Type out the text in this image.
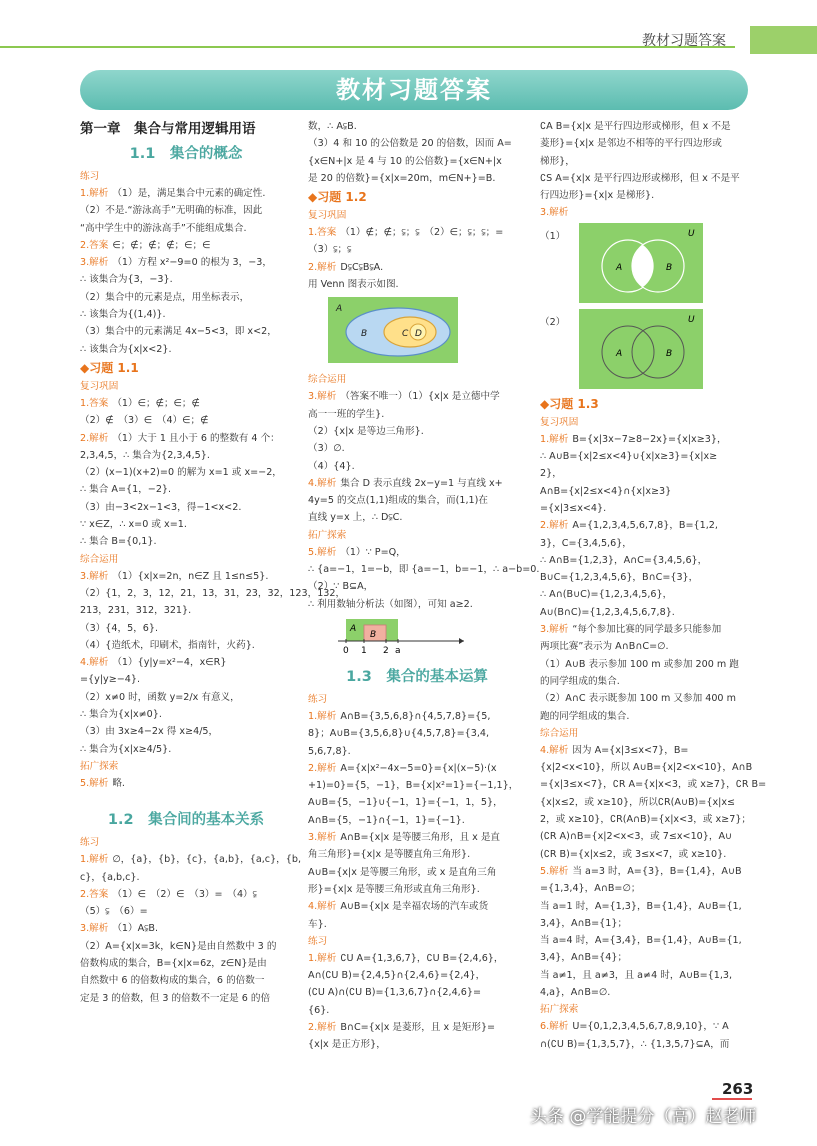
教材习题答案
教材习题答案
第一章　集合与常用逻辑用语
1.1　集合的概念
练习
1.解析 （1）是，满足集合中元素的确定性.
（2）不是.“游泳高手”无明确的标准，因此
“高中学生中的游泳高手”不能组成集合.
2.答案 ∈；∉；∉；∉；∈；∈
3.解析 （1）方程 x²−9=0 的根为 3，−3，
∴ 该集合为{3，−3}.
（2）集合中的元素是点，用坐标表示，
∴ 该集合为{(1,4)}.
（3）集合中的元素满足 4x−5<3，即 x<2，
∴ 该集合为{x|x<2}.
◆习题 1.1
复习巩固
1.答案 （1）∈；∉；∈；∉
（2）∉　（3）∈　（4）∈；∉
2.解析 （1）大于 1 且小于 6 的整数有 4 个：
2,3,4,5，∴ 集合为{2,3,4,5}.
（2）(x−1)(x+2)=0 的解为 x=1 或 x=−2，
∴ 集合 A={1，−2}.
（3）由−3<2x−1<3，得−1<x<2.
∵ x∈Z，∴ x=0 或 x=1.
∴ 集合 B={0,1}.
综合运用
3.解析 （1）{x|x=2n，n∈Z 且 1≤n≤5}.
（2）{1，2，3，12，21，13，31，23，32，123，132，
213，231，312，321}.
（3）{4，5，6}.
（4）{造纸术，印刷术，指南针，火药}.
4.解析 （1）{y|y=x²−4，x∈R}
={y|y≥−4}.
（2）x≠0 时，函数 y=2/x 有意义，
∴ 集合为{x|x≠0}.
（3）由 3x≥4−2x 得 x≥4/5，
∴ 集合为{x|x≥4/5}.
拓广探索
5.解析 略.
1.2　集合间的基本关系
练习
1.解析 ∅，{a}，{b}，{c}，{a,b}，{a,c}，{b,
c}，{a,b,c}.
2.答案 （1）∈　（2）∈　（3）=　（4）⫋
（5）⫋　（6）=
3.解析 （1）A⫋B.
（2）A={x|x=3k，k∈N}是由自然数中 3 的
倍数构成的集合，B={x|x=6z，z∈N}是由
自然数中 6 的倍数构成的集合，6 的倍数一
定是 3 的倍数，但 3 的倍数不一定是 6 的倍
数，∴ A⫋B.
（3）4 和 10 的公倍数是 20 的倍数，因而 A=
{x∈N+|x 是 4 与 10 的公倍数}={x∈N+|x
是 20 的倍数}={x|x=20m，m∈N+}=B.
◆习题 1.2
复习巩固
1.答案 （1）∉；∉；⫋；⫋　（2）∈；⫋；⫋；=
（3）⫋；⫋
2.解析 D⫋C⫋B⫋A.
用 Venn 图表示如图.
A
B	C D
综合运用
3.解析 （答案不唯一）（1）{x|x 是立德中学
高一一班的学生}.
（2）{x|x 是等边三角形}.
（3）∅.
（4）{4}.
4.解析 集合 D 表示直线 2x−y=1 与直线 x+
4y=5 的交点(1,1)组成的集合，而(1,1)在
直线 y=x 上，∴ D⫋C.
拓广探索
5.解析 （1）∵ P=Q，
∴ {a=−1，1=−b，即 {a=−1，b=−1，∴ a−b=0.
（2）∵ B⊆A，
∴ 利用数轴分析法（如图），可知 a≥2.
A
B
0 1 2 a
1.3　集合的基本运算
练习
1.解析 A∩B={3,5,6,8}∩{4,5,7,8}={5,
8}；A∪B={3,5,6,8}∪{4,5,7,8}={3,4,
5,6,7,8}.
2.解析 A={x|x²−4x−5=0}={x|(x−5)·(x
+1)=0}={5，−1}，B={x|x²=1}={−1,1}，
A∪B={5，−1}∪{−1，1}={−1，1，5}，
A∩B={5，−1}∩{−1，1}={−1}.
3.解析 A∩B={x|x 是等腰三角形，且 x 是直
角三角形}={x|x 是等腰直角三角形}.
A∪B={x|x 是等腰三角形，或 x 是直角三角
形}={x|x 是等腰三角形或直角三角形}.
4.解析 A∪B={x|x 是幸福农场的汽车或货
车}.
练习
1.解析 ∁U A={1,3,6,7}，∁U B={2,4,6}，
A∩(∁U B)={2,4,5}∩{2,4,6}={2,4}，
(∁U A)∩(∁U B)={1,3,6,7}∩{2,4,6}=
{6}.
2.解析 B∩C={x|x 是菱形，且 x 是矩形}=
{x|x 是正方形}，
∁A B={x|x 是平行四边形或梯形，但 x 不是
菱形}={x|x 是邻边不相等的平行四边形或
梯形}，
∁S A={x|x 是平行四边形或梯形，但 x 不是平
行四边形}={x|x 是梯形}.
3.解析
（1）
A	B
U
（2）
A	B
U
◆习题 1.3
复习巩固
1.解析 B={x|3x−7≥8−2x}={x|x≥3}，
∴ A∪B={x|2≤x<4}∪{x|x≥3}={x|x≥
2}，
A∩B={x|2≤x<4}∩{x|x≥3}
={x|3≤x<4}.
2.解析 A={1,2,3,4,5,6,7,8}，B={1,2,
3}，C={3,4,5,6}，
∴ A∩B={1,2,3}，A∩C={3,4,5,6}，
B∪C={1,2,3,4,5,6}，B∩C={3}，
∴ A∩(B∪C)={1,2,3,4,5,6}，
A∪(B∩C)={1,2,3,4,5,6,7,8}.
3.解析 “每个参加比赛的同学最多只能参加
两项比赛”表示为 A∩B∩C=∅.
（1）A∪B 表示参加 100 m 或参加 200 m 跑
的同学组成的集合.
（2）A∩C 表示既参加 100 m 又参加 400 m
跑的同学组成的集合.
综合运用
4.解析 因为 A={x|3≤x<7}，B=
{x|2<x<10}，所以 A∪B={x|2<x<10}，A∩B
={x|3≤x<7}，∁R A={x|x<3，或 x≥7}，∁R B=
{x|x≤2，或 x≥10}，所以∁R(A∪B)={x|x≤
2，或 x≥10}，∁R(A∩B)={x|x<3，或 x≥7}；
(∁R A)∩B={x|2<x<3，或 7≤x<10}，A∪
(∁R B)={x|x≤2，或 3≤x<7，或 x≥10}.
5.解析 当 a=3 时，A={3}，B={1,4}，A∪B
={1,3,4}，A∩B=∅；
当 a=1 时，A={1,3}，B={1,4}，A∪B={1,
3,4}，A∩B={1}；
当 a=4 时，A={3,4}，B={1,4}，A∪B={1,
3,4}，A∩B={4}；
当 a≠1，且 a≠3，且 a≠4 时，A∪B={1,3,
4,a}，A∩B=∅.
拓广探索
6.解析 U={0,1,2,3,4,5,6,7,8,9,10}，∵ A
∩(∁U B)={1,3,5,7}，∴ {1,3,5,7}⊆A，而
263
头条 @学能提分（高）赵老师
